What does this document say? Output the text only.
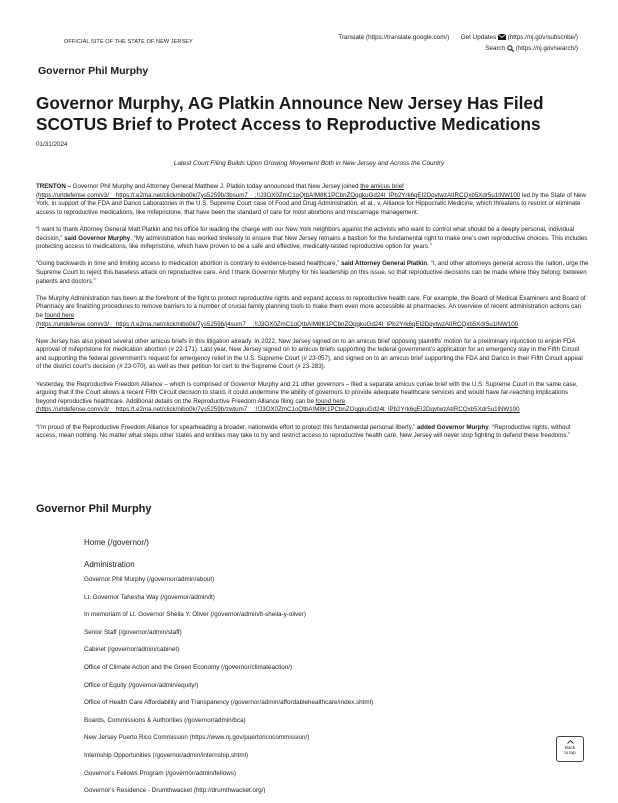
OFFICIAL SITE OF THE STATE OF NEW JERSEY
Translate (https://translate.google.com/) Get Updates (https://nj.gov/subscribe/)
Search (https://nj.gov/search/)
Governor Phil Murphy
Governor Murphy, AG Platkin Announce New Jersey Has Filed SCOTUS Brief to Protect Access to Reproductive Medications
01/31/2024
Latest Court Filing Builds Upon Growing Movement Both in New Jersey and Across the Country

TRENTON – Governor Phil Murphy and Attorney General Matthew J. Platkin today announced that New Jersey joined the amicus brief
(https://urldefense.com/v3/__https:/t.e2ma.net/click/nibo0k/7ys5259b/3bsum7__;!!J3OX0ZmC1oQtbA!M8K1PCbnZOqgkuGd24t_lPb2Yrk6qEI2DqvtwzAtIRCQxb5Xdr5u1lNW100 led by the State of New York, in support of the FDA and Danco Laboratories in the U.S. Supreme Court case of Food and Drug Administration, et al., v. Alliance for Hippocratic Medicine, which threatens to restrict or eliminate access to reproductive medications, like mifepristone, that have been the standard of care for most abortions and miscarriage management.

“I want to thank Attorney General Matt Platkin and his office for leading the charge with our New York neighbors against the activists who want to control what should be a deeply personal, individual decision,” said Governor Murphy. “My administration has worked tirelessly to ensure that New Jersey remains a bastion for the fundamental right to make one’s own reproductive choices. This includes protecting access to medications, like mifepristone, which have proven to be a safe and effective, medically-tested reproductive option for years.”

“Going backwards in time and limiting access to medication abortion is contrary to evidence-based healthcare,” said Attorney General Platkin. “I, and other attorneys general across the nation, urge the Supreme Court to reject this baseless attack on reproductive care. And I thank Governor Murphy for his leadership on this issue, so that reproductive decisions can be made where they belong: between patients and doctors.”

The Murphy Administration has been at the forefront of the fight to protect reproductive rights and expand access to reproductive health care. For example, the Board of Medical Examiners and Board of Pharmacy are finalizing procedures to remove barriers to a number of crucial family planning tools to make them even more accessible at pharmacies. An overview of recent administration actions can be found here
(https://urldefense.com/v3/__https:/t.e2ma.net/click/nibo0k/7ys5259b/j4sum7__;!!J3OX0ZmC1oQtbA!M8K1PCbnZOqgkuGd24t_lPb2Yrk6qEI2DqvtwzAtIRCQxb5Xdr5u1lNW100

New Jersey has also joined several other amicus briefs in this litigation already. In 2022, New Jersey signed on to an amicus brief opposing plaintiffs’ motion for a preliminary injunction to enjoin FDA approval of mifepristone for medication abortion (# 22-171). Last year, New Jersey signed on to amicus briefs supporting the federal government’s application for an emergency stay in the Fifth Circuit and supporting the federal government’s request for emergency relief in the U.S. Supreme Court (# 23-057), and signed on to an amicus brief supporting the FDA and Danco in their Fifth Circuit appeal of the district court’s decision (# 23-070), as well as their petition for cert to the Supreme Court (# 23-283).

Yesterday, the Reproductive Freedom Alliance – which is comprised of Governor Murphy and 21 other governors – filed a separate amicus curiae brief with the U.S. Supreme Court in the same case, arguing that if the Court allows a recent Fifth Circuit decision to stand, it could undermine the ability of governors to provide adequate healthcare services and would have far-reaching implications beyond reproductive healthcare. Additional details on the Reproductive Freedom Alliance filing can be found here
(https://urldefense.com/v3/__https:/t.e2ma.net/click/nibo0k/7ys5259b/zwtum7__;!!J3OX0ZmC1oQtbA!M8K1PCbnZOqgkuGd24t_lPb2Yrk6qEI2DqvtwzAtIRCQxb5Xdr5u1lNW100

“I’m proud of the Reproductive Freedom Alliance for spearheading a broader, nationwide effort to protect this fundamental personal liberty,” added Governor Murphy. “Reproductive rights, without access, mean nothing. No matter what steps other states and entities may take to try and restrict access to reproductive health care, New Jersey will never stop fighting to defend these freedoms.”

Governor Phil Murphy
Home (/governor/)
Administration
Governor Phil Murphy (/governor/admin/about)
Lt. Governor Tahesha Way (/governor/admin/lt)
In memoriam of Lt. Governor Sheila Y. Oliver (/governor/admin/lt-sheila-y-oliver)
Senior Staff (/governor/admin/staff)
Cabinet (/governor/admin/cabinet)
Office of Climate Action and the Green Economy (/governor/climateaction/)
Office of Equity (/governor/admin/equity/)
Office of Health Care Affordability and Transparency (/governor/admin/affordablehealthcare/index.shtml)
Boards, Commissions & Authorities (/governor/admin/bca)
New Jersey Puerto Rico Commission (https://www.nj.gov/puertoricocommission/)
Internship Opportunities (/governor/admin/internship.shtml)
Governor's Fellows Program (/governor/admin/fellows)
Governor's Residence - Drumthwacket (http://drumthwacket.org/)

Back
to top
